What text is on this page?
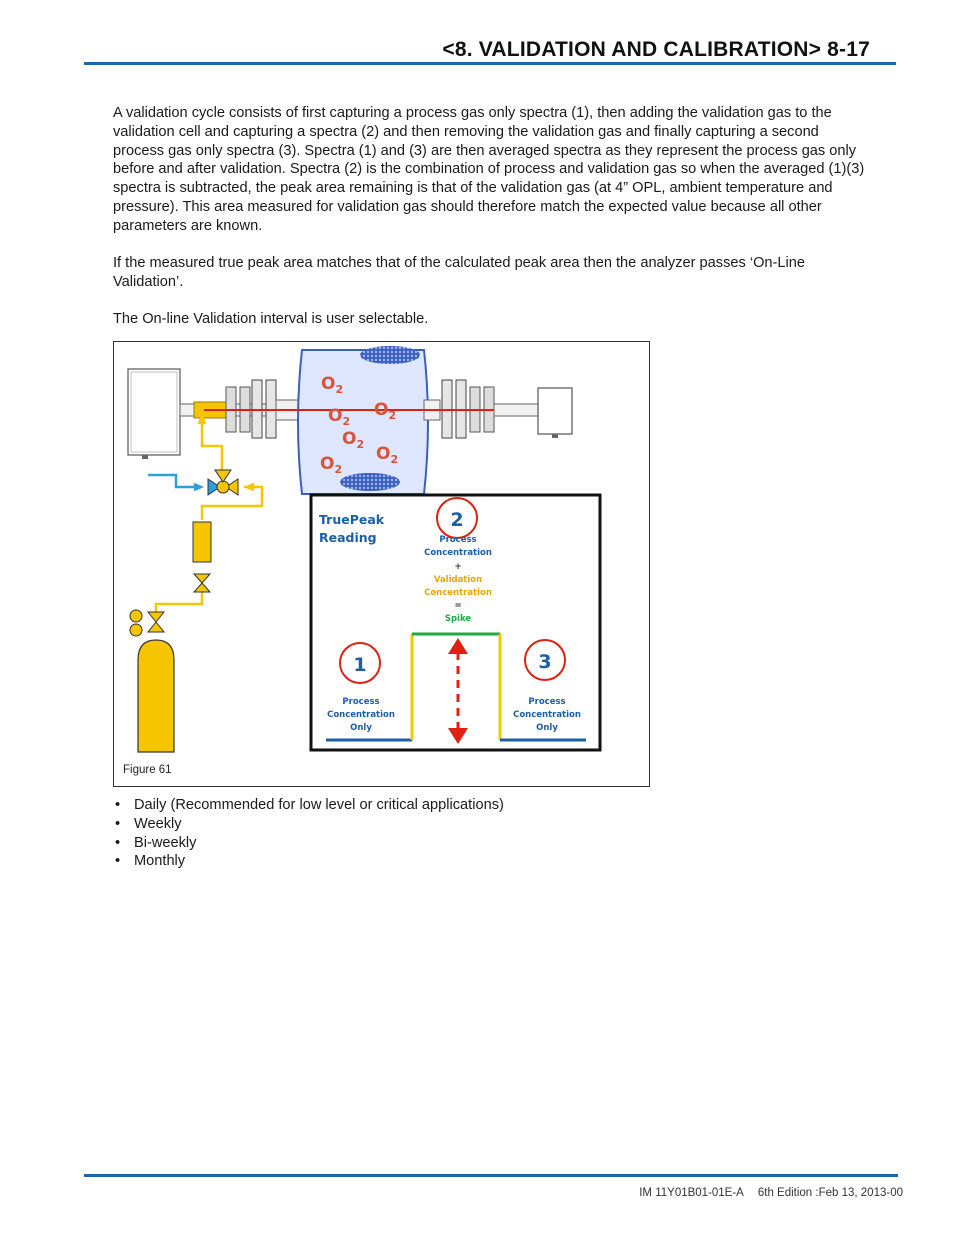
<8. VALIDATION AND CALIBRATION> 8-17
A validation cycle consists of first capturing a process gas only spectra (1), then adding the validation gas to the validation cell and capturing a spectra (2) and then removing the validation gas and finally capturing a second process gas only spectra (3). Spectra (1) and (3) are then averaged spectra as they represent the process gas only before and after validation. Spectra (2) is the combination of process and validation gas so when the averaged (1)(3) spectra is subtracted, the peak area remaining is that of the validation gas (at 4” OPL, ambient temperature and pressure). This area measured for validation gas should therefore match the expected value because all other parameters are known.
If the measured true peak area matches that of the calculated peak area then the analyzer passes ‘On-Line Validation’.
The On-line Validation interval is user selectable.
$O_2$
$O_2$
$O_2$
$O_2$ $O_2$
$O_2$
TruePeak
Reading
2
Process
Concentration
+
Validation
Concentration
=
Spike
1
Process
Concentration
Only
3
Process
Concentration
Only
Figure 61
• Daily (Recommended for low level or critical applications)
• Weekly
• Bi-weekly
• Monthly
IM 11Y01B01-01E-A 6th Edition :Feb 13, 2013-00
